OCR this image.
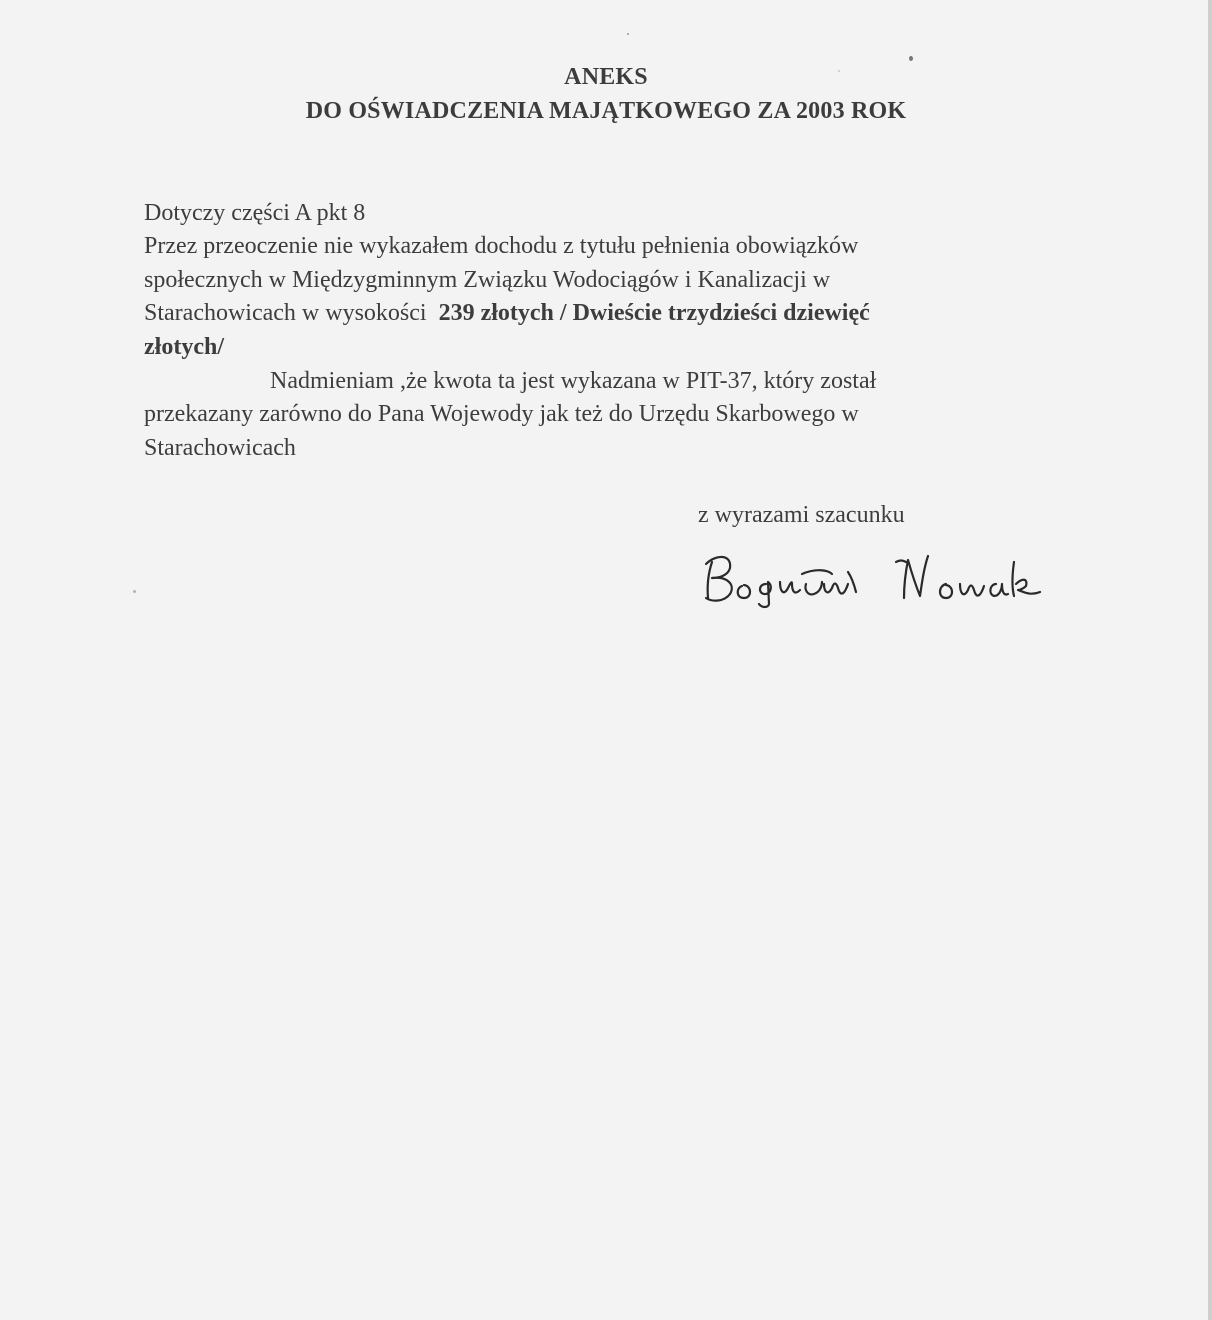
ANEKS
DO OŚWIADCZENIA MAJĄTKOWEGO ZA 2003 ROK
Dotyczy części A pkt 8
Przez przeoczenie nie wykazałem dochodu z tytułu pełnienia obowiązków
społecznych w Międzygminnym Związku Wodociągów i Kanalizacji w
Starachowicach w wysokości 239 złotych / Dwieście trzydzieści dziewięć
złotych/
Nadmieniam ,że kwota ta jest wykazana w PIT-37, który został
przekazany zarówno do Pana Wojewody jak też do Urzędu Skarbowego w
Starachowicach
z wyrazami szacunku
